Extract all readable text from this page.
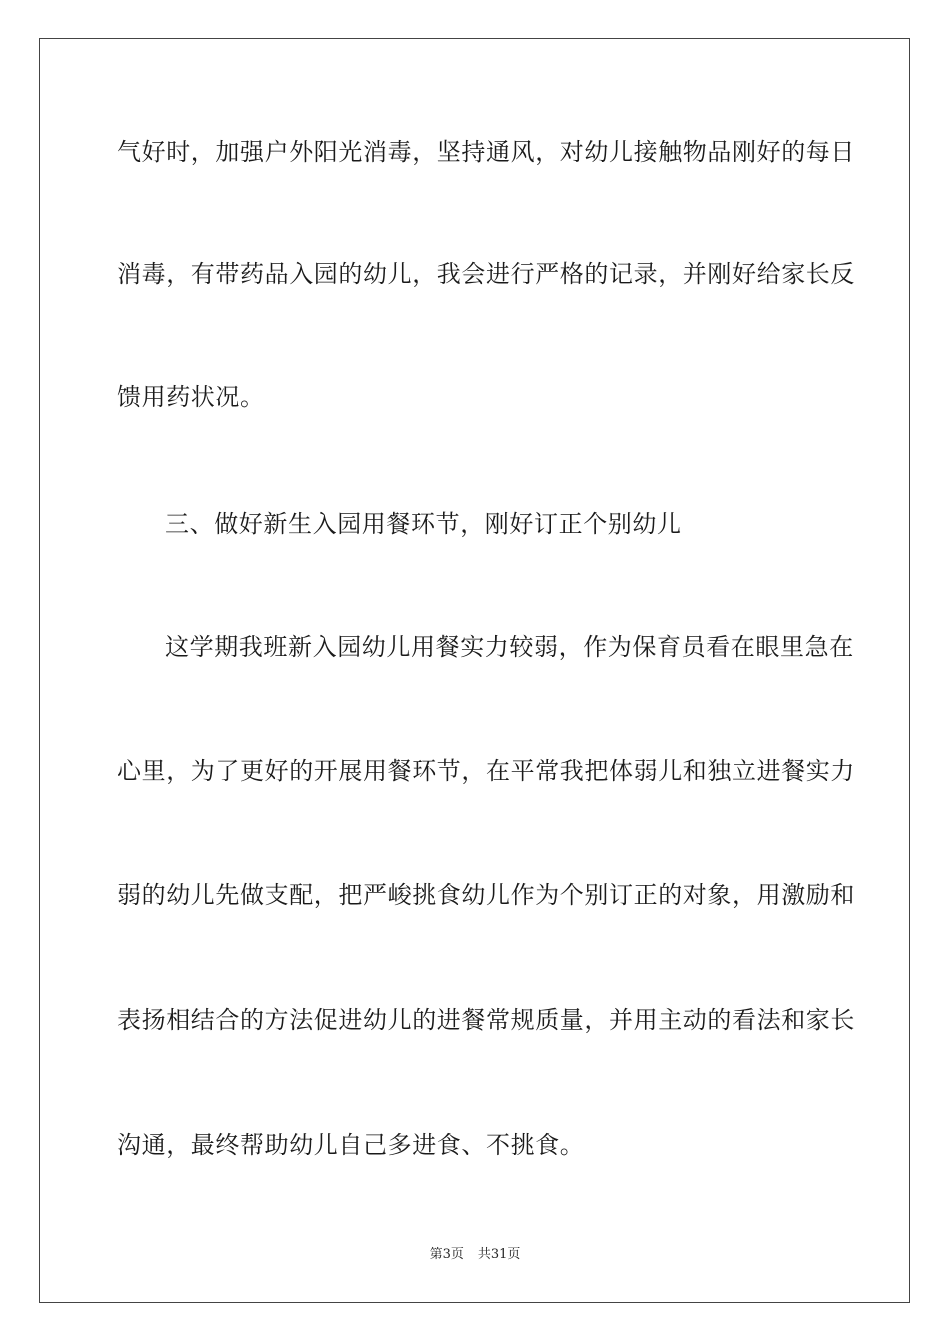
气好时，加强户外阳光消毒，坚持通风，对幼儿接触物品刚好的每日
消毒，有带药品入园的幼儿，我会进行严格的记录，并刚好给家长反
馈用药状况。
三、做好新生入园用餐环节，刚好订正个别幼儿
这学期我班新入园幼儿用餐实力较弱，作为保育员看在眼里急在
心里，为了更好的开展用餐环节，在平常我把体弱儿和独立进餐实力
弱的幼儿先做支配，把严峻挑食幼儿作为个别订正的对象，用激励和
表扬相结合的方法促进幼儿的进餐常规质量，并用主动的看法和家长
沟通，最终帮助幼儿自己多进食、不挑食。
第3页 共31页
